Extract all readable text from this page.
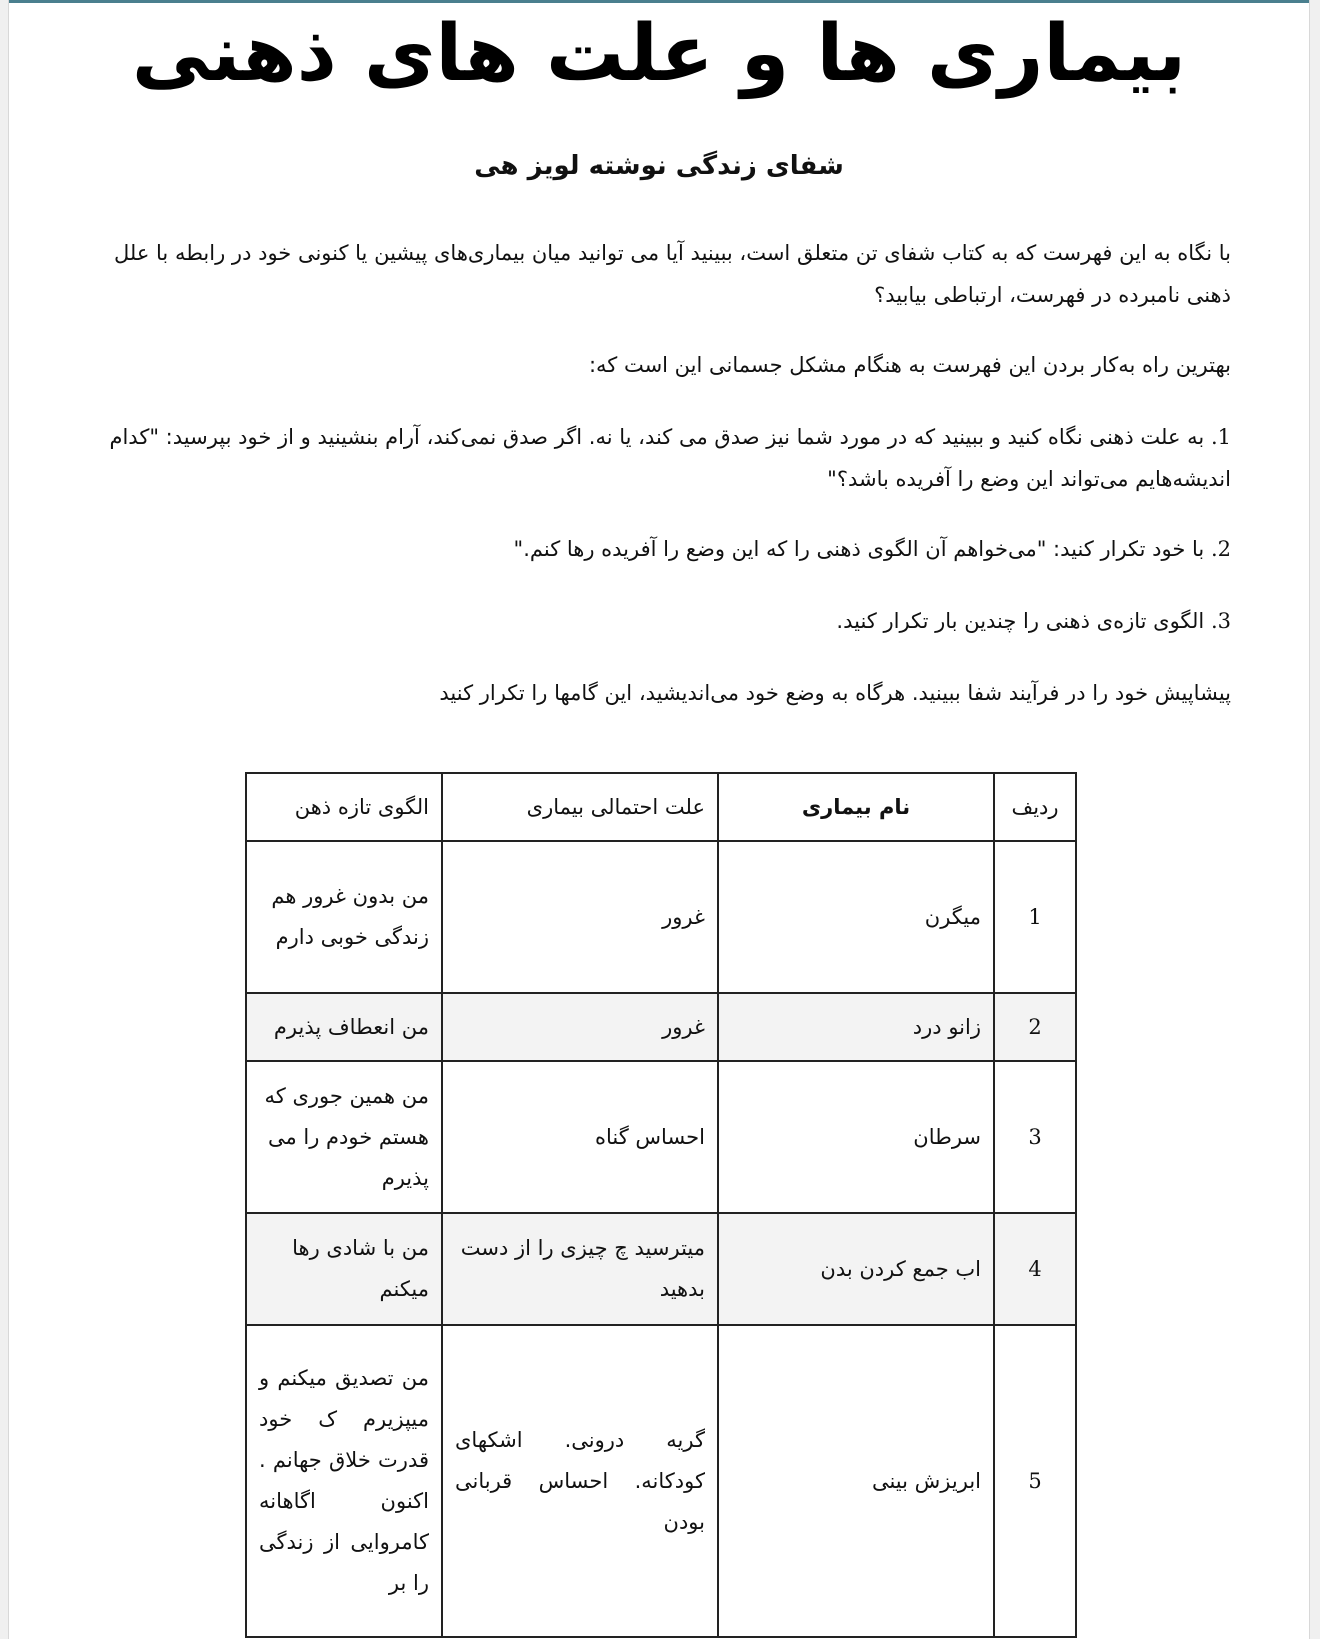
بیماری ها و علت های ذهنی
شفای زندگی نوشته لویز هی
با نگاه به این فهرست که به کتاب شفای تن متعلق است، ببینید آیا می توانید میان بیماری‌های پیشین یا کنونی خود در رابطه با علل ذهنی نامبرده در فهرست، ارتباطی بیابید؟
بهترین راه به‌کار بردن این فهرست به هنگام مشکل جسمانی این است که:
1. به علت ذهنی نگاه کنید و ببینید که در مورد شما نیز صدق می کند، یا نه. اگر صدق نمی‌کند، آرام بنشینید و از خود بپرسید: "کدام اندیشه‌هایم می‌تواند این وضع را آفریده باشد؟"
2. با خود تکرار کنید: "می‌خواهم آن الگوی ذهنی را که این وضع را آفریده رها کنم."
3. الگوی تازه‌ی ذهنی را چندین بار تکرار کنید.
پیشاپیش خود را در فرآیند شفا ببینید. هرگاه به وضع خود می‌اندیشید، این گامها را تکرار کنید
ردیف	نام بیماری	علت احتمالی بیماری	الگوی تازه ذهن
1	میگرن	غرور	من بدون غرور هم زندگی خوبی دارم
2	زانو درد	غرور	من انعطاف پذیرم
3	سرطان	احساس گناه	من همین جوری که هستم خودم را می پذیرم
4	اب جمع کردن بدن	میترسید چ چیزی را از دست بدهید	من با شادی رها میکنم
5	ابریزش بینی	گریه درونی. اشکهای کودکانه. احساس قربانی بودن	من تصدیق میکنم و میپزیرم ک خود قدرت خلاق جهانم . اکنون اگاهانه کامروایی از زندگی را بر
